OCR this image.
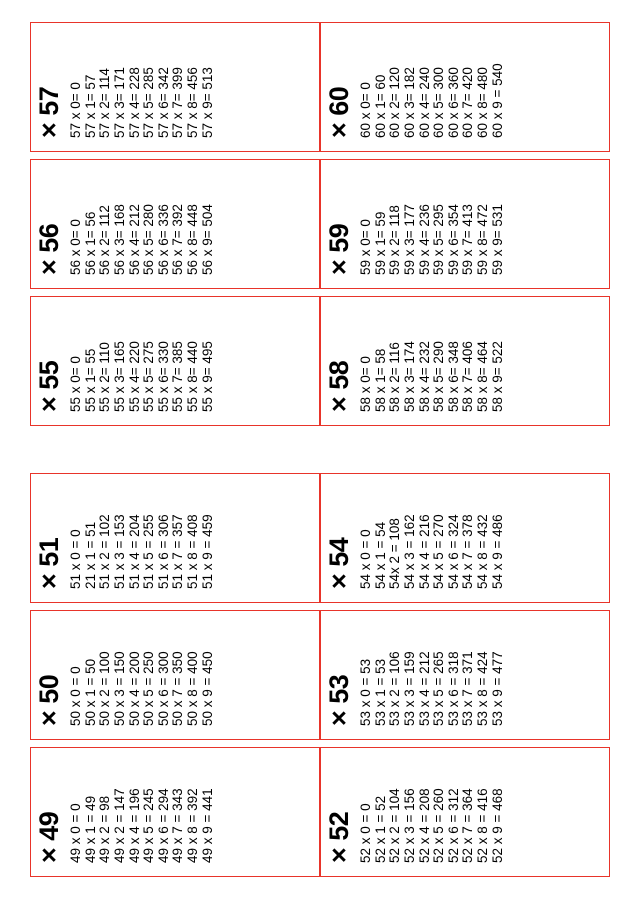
× 57 57 x 0= 0 57 x 1= 57 57 x 2= 114 57 x 3= 171 57 x 4= 228 57 x 5= 285 57 x 6= 342 57 x 7= 399 57 x 8= 456 57 x 9= 513	× 60 60 x 0= 0 60 x 1= 60 60 x 2= 120 60 x 3= 182 60 x 4= 240 60 x 5= 300 60 x 6= 360 60 x 7= 420 60 x 8= 480 60 x 9 = 540
× 56 56 x 0= 0 56 x 1= 56 56 x 2= 112 56 x 3= 168 56 x 4= 212 56 x 5= 280 56 x 6= 336 56 x 7= 392 56 x 8= 448 56 x 9= 504	× 59 59 x 0= 0 59 x 1= 59 59 x 2= 118 59 x 3= 177 59 x 4= 236 59 x 5= 295 59 x 6= 354 59 x 7= 413 59 x 8= 472 59 x 9= 531
× 55 55 x 0= 0 55 x 1= 55 55 x 2= 110 55 x 3= 165 55 x 4= 220 55 x 5= 275 55 x 6= 330 55 x 7= 385 55 x 8= 440 55 x 9= 495	× 58 58 x 0= 0 58 x 1= 58 58 x 2= 116 58 x 3= 174 58 x 4= 232 58 x 5= 290 58 x 6= 348 58 x 7= 406 58 x 8= 464 58 x 9= 522
× 51 51 x 0 = 0 21 x 1 = 51 51 x 2 = 102 51 x 3 = 153 51 x 4 = 204 51 x 5 = 255 51 x 6 = 306 51 x 7 = 357 51 x 8 = 408 51 x 9 = 459	× 54 54 x 0 = 0 54 x 1 = 54 54x 2 = 108 54 x 3 = 162 54 x 4 = 216 54 x 5 = 270 54 x 6 = 324 54 x 7 = 378 54 x 8 = 432 54 x 9 = 486
× 50 50 x 0 = 0 50 x 1 = 50 50 x 2 = 100 50 x 3 = 150 50 x 4 = 200 50 x 5 = 250 50 x 6 = 300 50 x 7 = 350 50 x 8 = 400 50 x 9 = 450	× 53 53 x 0 = 53 53 x 1 = 53 53 x 2 = 106 53 x 3 = 159 53 x 4 = 212 53 x 5 = 265 53 x 6 = 318 53 x 7 = 371 53 x 8 = 424 53 x 9 = 477
× 49 49 x 0 = 0 49 x 1 = 49 49 x 2 = 98 49 x 2 = 147 49 x 4 = 196 49 x 5 = 245 49 x 6 = 294 49 x 7 = 343 49 x 8 = 392 49 x 9 = 441	× 52 52 x 0 = 0 52 x 1 = 52 52 x 2 = 104 52 x 3 = 156 52 x 4 = 208 52 x 5 = 260 52 x 6 = 312 52 x 7 = 364 52 x 8 = 416 52 x 9 = 468
